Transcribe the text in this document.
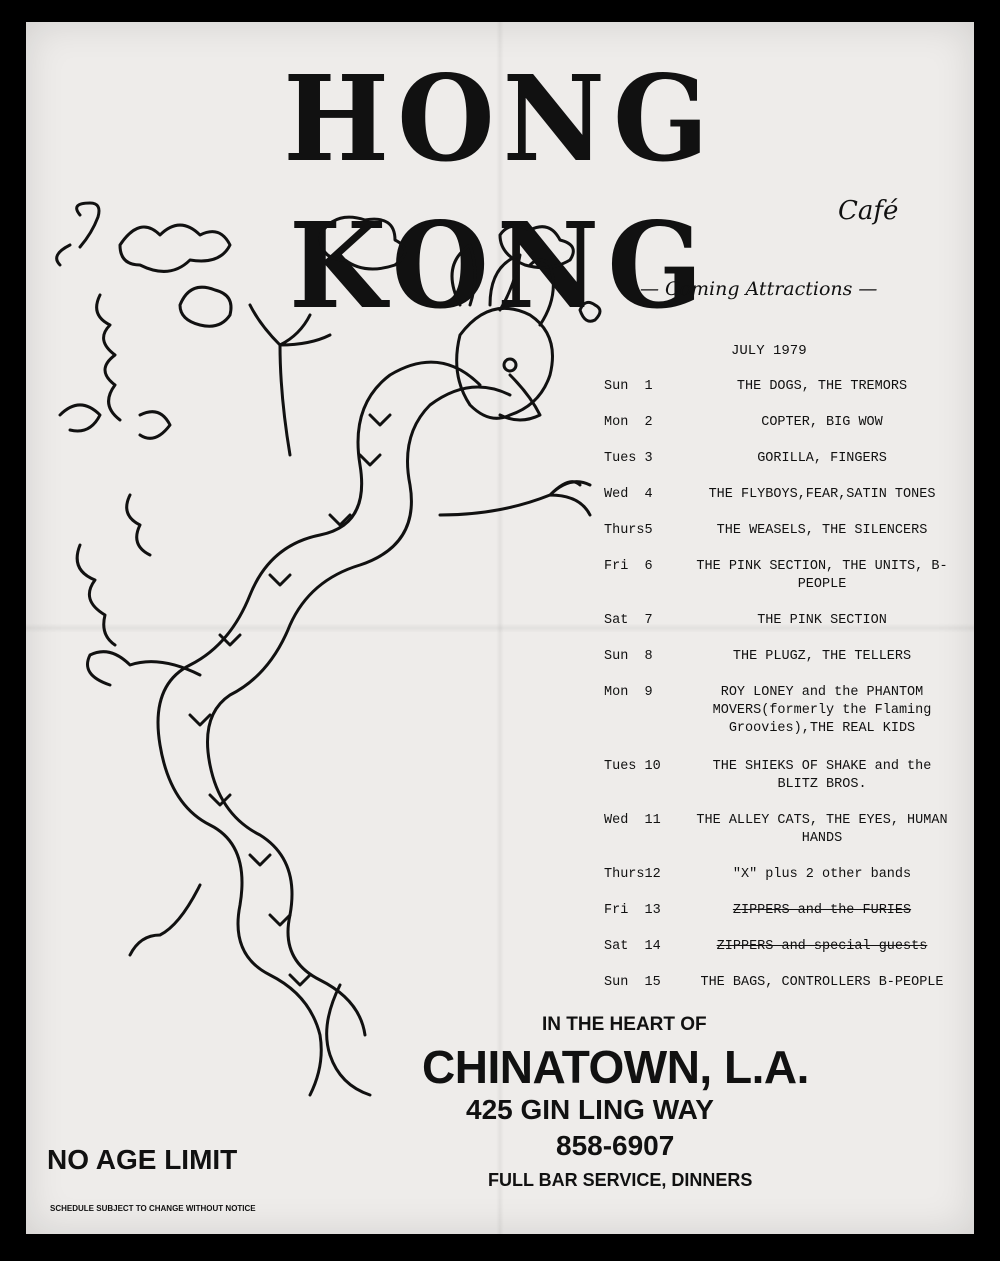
HONG KONG	Café
— Coming Attractions —
JULY 1979
Sun  1	THE DOGS, THE TREMORS
Mon  2	COPTER, BIG WOW
Tues 3	GORILLA, FINGERS
Wed  4	THE FLYBOYS,FEAR,SATIN TONES
Thurs5	THE WEASELS, THE SILENCERS
Fri  6	THE PINK SECTION, THE UNITS, B-PEOPLE
Sat  7	THE PINK SECTION
Sun  8	THE PLUGZ, THE TELLERS
Mon  9	ROY LONEY and the PHANTOM MOVERS(formerly the Flaming Groovies),THE REAL KIDS
Tues 10	THE SHIEKS OF SHAKE and the BLITZ BROS.
Wed  11	THE ALLEY CATS, THE EYES, HUMAN HANDS
Thurs12	"X" plus 2 other bands
Fri  13	ZIPPERS and the FURIES
Sat  14	ZIPPERS and special guests
Sun  15	THE BAGS, CONTROLLERS B-PEOPLE
IN THE HEART OF
CHINATOWN, L.A.
425 GIN LING WAY
858-6907
FULL BAR SERVICE, DINNERS
NO AGE LIMIT
SCHEDULE SUBJECT TO CHANGE WITHOUT NOTICE
